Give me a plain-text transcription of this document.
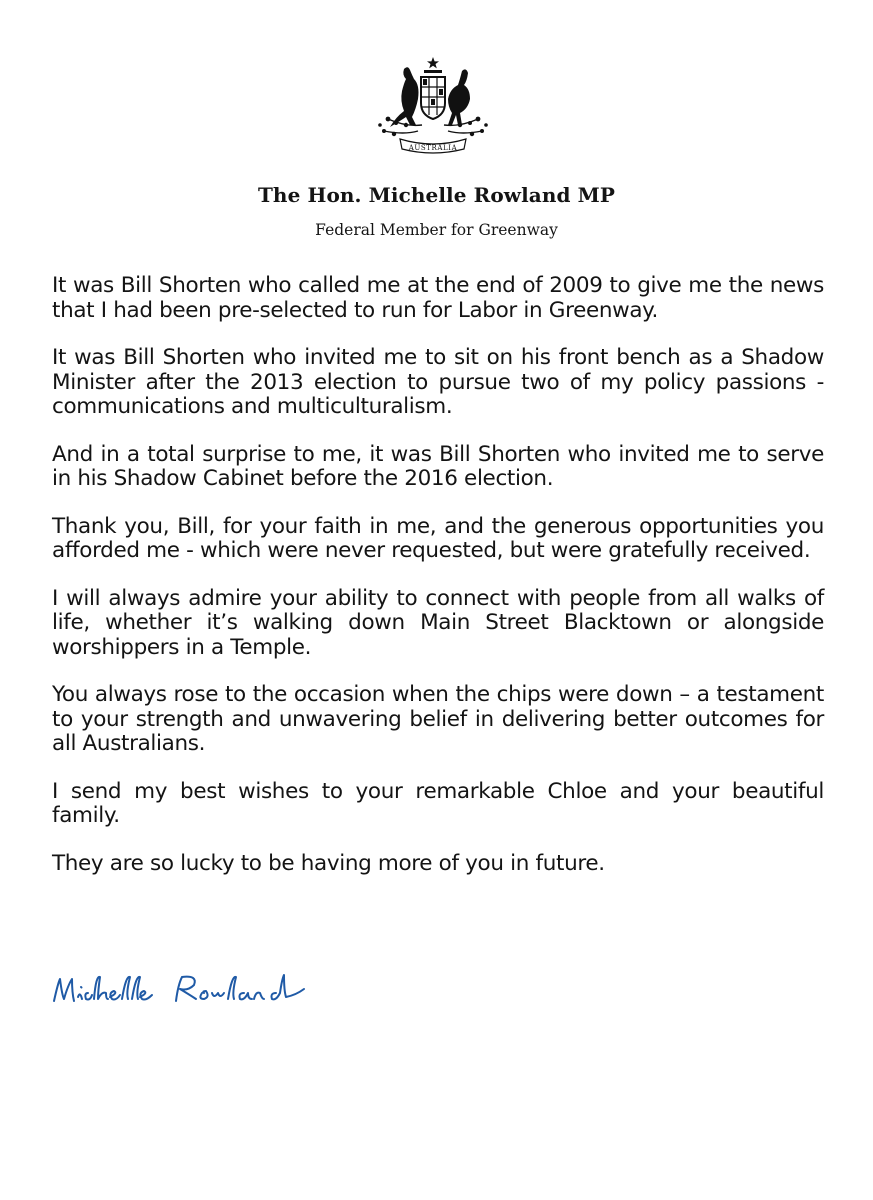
AUSTRALIA
The Hon. Michelle Rowland MP
Federal Member for Greenway

It was Bill Shorten who called me at the end of 2009 to give me the news that I had been pre-selected to run for Labor in Greenway.

It was Bill Shorten who invited me to sit on his front bench as a Shadow Minister after the 2013 election to pursue two of my policy passions - communications and multiculturalism.

And in a total surprise to me, it was Bill Shorten who invited me to serve in his Shadow Cabinet before the 2016 election.

Thank you, Bill, for your faith in me, and the generous opportunities you afforded me - which were never requested, but were gratefully received.

I will always admire your ability to connect with people from all walks of life, whether it’s walking down Main Street Blacktown or alongside worshippers in a Temple.

You always rose to the occasion when the chips were down – a testament to your strength and unwavering belief in delivering better outcomes for all Australians.

I send my best wishes to your remarkable Chloe and your beautiful family.

They are so lucky to be having more of you in future.
